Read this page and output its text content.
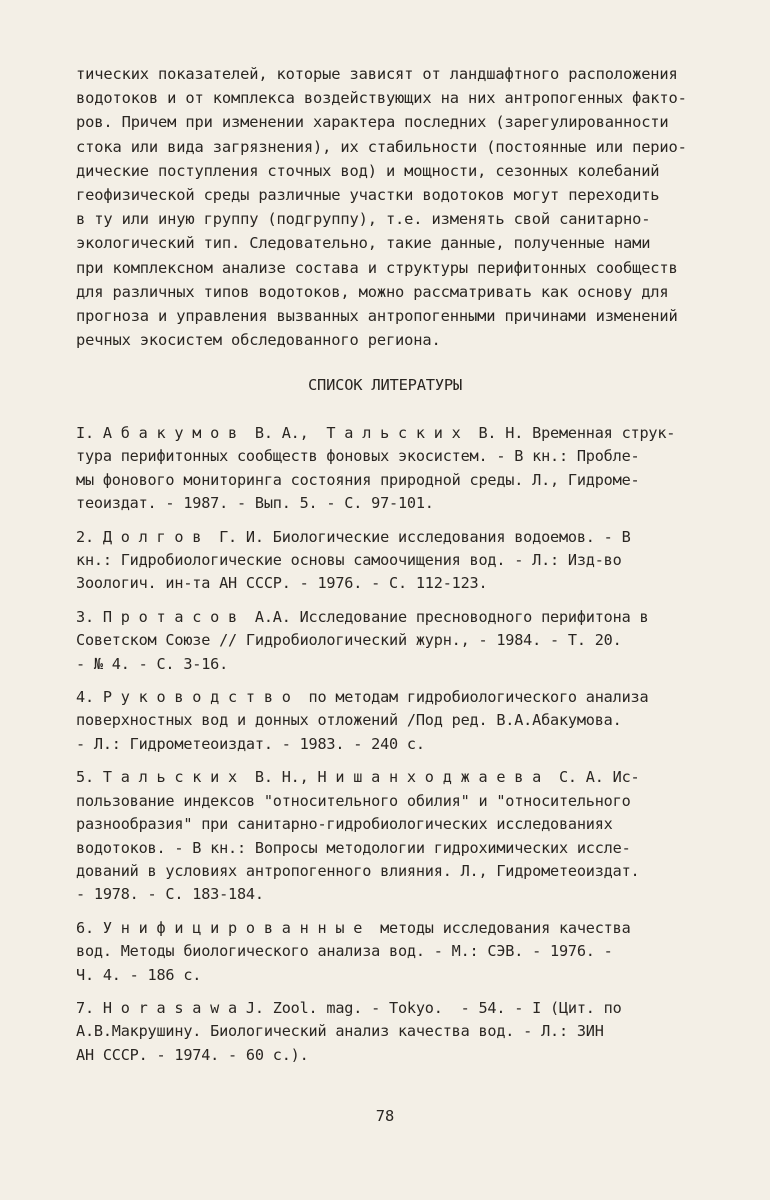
тических показателей, которые зависят от ландшафтного расположения
водотоков и от комплекса воздействующих на них антропогенных факто-
ров. Причем при изменении характера последних (зарегулированности
стока или вида загрязнения), их стабильности (постоянные или перио-
дические поступления сточных вод) и мощности, сезонных колебаний
геофизической среды различные участки водотоков могут переходить
в ту или иную группу (подгруппу), т.е. изменять свой санитарно-
экологический тип. Следовательно, такие данные, полученные нами
при комплексном анализе состава и структуры перифитонных сообществ
для различных типов водотоков, можно рассматривать как основу для
прогноза и управления вызванных антропогенными причинами изменений
речных экосистем обследованного региона.
СПИСОК ЛИТЕРАТУРЫ
I. А б а к у м о в  В. А.,  Т а л ь с к и х  В. Н. Временная струк-
тура перифитонных сообществ фоновых экосистем. - В кн.: Пробле-
мы фонового мониторинга состояния природной среды. Л., Гидроме-
теоиздат. - 1987. - Вып. 5. - С. 97-101.
2. Д о л г о в  Г. И. Биологические исследования водоемов. - В
кн.: Гидробиологические основы самоочищения вод. - Л.: Изд-во
Зоологич. ин-та АН СССР. - 1976. - С. 112-123.
3. П р о т а с о в  А.А. Исследование пресноводного перифитона в
Советском Союзе // Гидробиологический журн., - 1984. - Т. 20.
- № 4. - С. 3-16.
4. Р у к о в о д с т в о  по методам гидробиологического анализа
поверхностных вод и донных отложений /Под ред. В.А.Абакумова.
- Л.: Гидрометеоиздат. - 1983. - 240 с.
5. Т а л ь с к и х  В. Н., Н и ш а н х о д ж а е в а  С. А. Ис-
пользование индексов "относительного обилия" и "относительного
разнообразия" при санитарно-гидробиологических исследованиях
водотоков. - В кн.: Вопросы методологии гидрохимических иссле-
дований в условиях антропогенного влияния. Л., Гидрометеоиздат.
- 1978. - С. 183-184.
6. У н и ф и ц и р о в а н н ы е  методы исследования качества
вод. Методы биологического анализа вод. - М.: СЭВ. - 1976. -
Ч. 4. - 186 с.
7. H o r a s a w a J. Zool. mag. - Tokyo.  - 54. - I (Цит. по
А.В.Макрушину. Биологический анализ качества вод. - Л.: ЗИН
АН СССР. - 1974. - 60 с.).
78
